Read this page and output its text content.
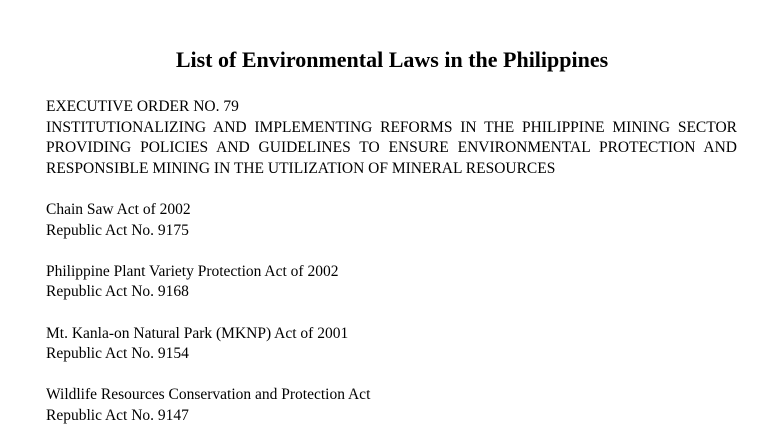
List of Environmental Laws in the Philippines
EXECUTIVE ORDER NO. 79
INSTITUTIONALIZING AND IMPLEMENTING REFORMS IN THE PHILIPPINE MINING SECTOR PROVIDING POLICIES AND GUIDELINES TO ENSURE ENVIRONMENTAL PROTECTION AND RESPONSIBLE MINING IN THE UTILIZATION OF MINERAL RESOURCES
Chain Saw Act of 2002
Republic Act No. 9175
Philippine Plant Variety Protection Act of 2002
Republic Act No. 9168
Mt. Kanla-on Natural Park (MKNP) Act of 2001
Republic Act No. 9154
Wildlife Resources Conservation and Protection Act
Republic Act No. 9147
